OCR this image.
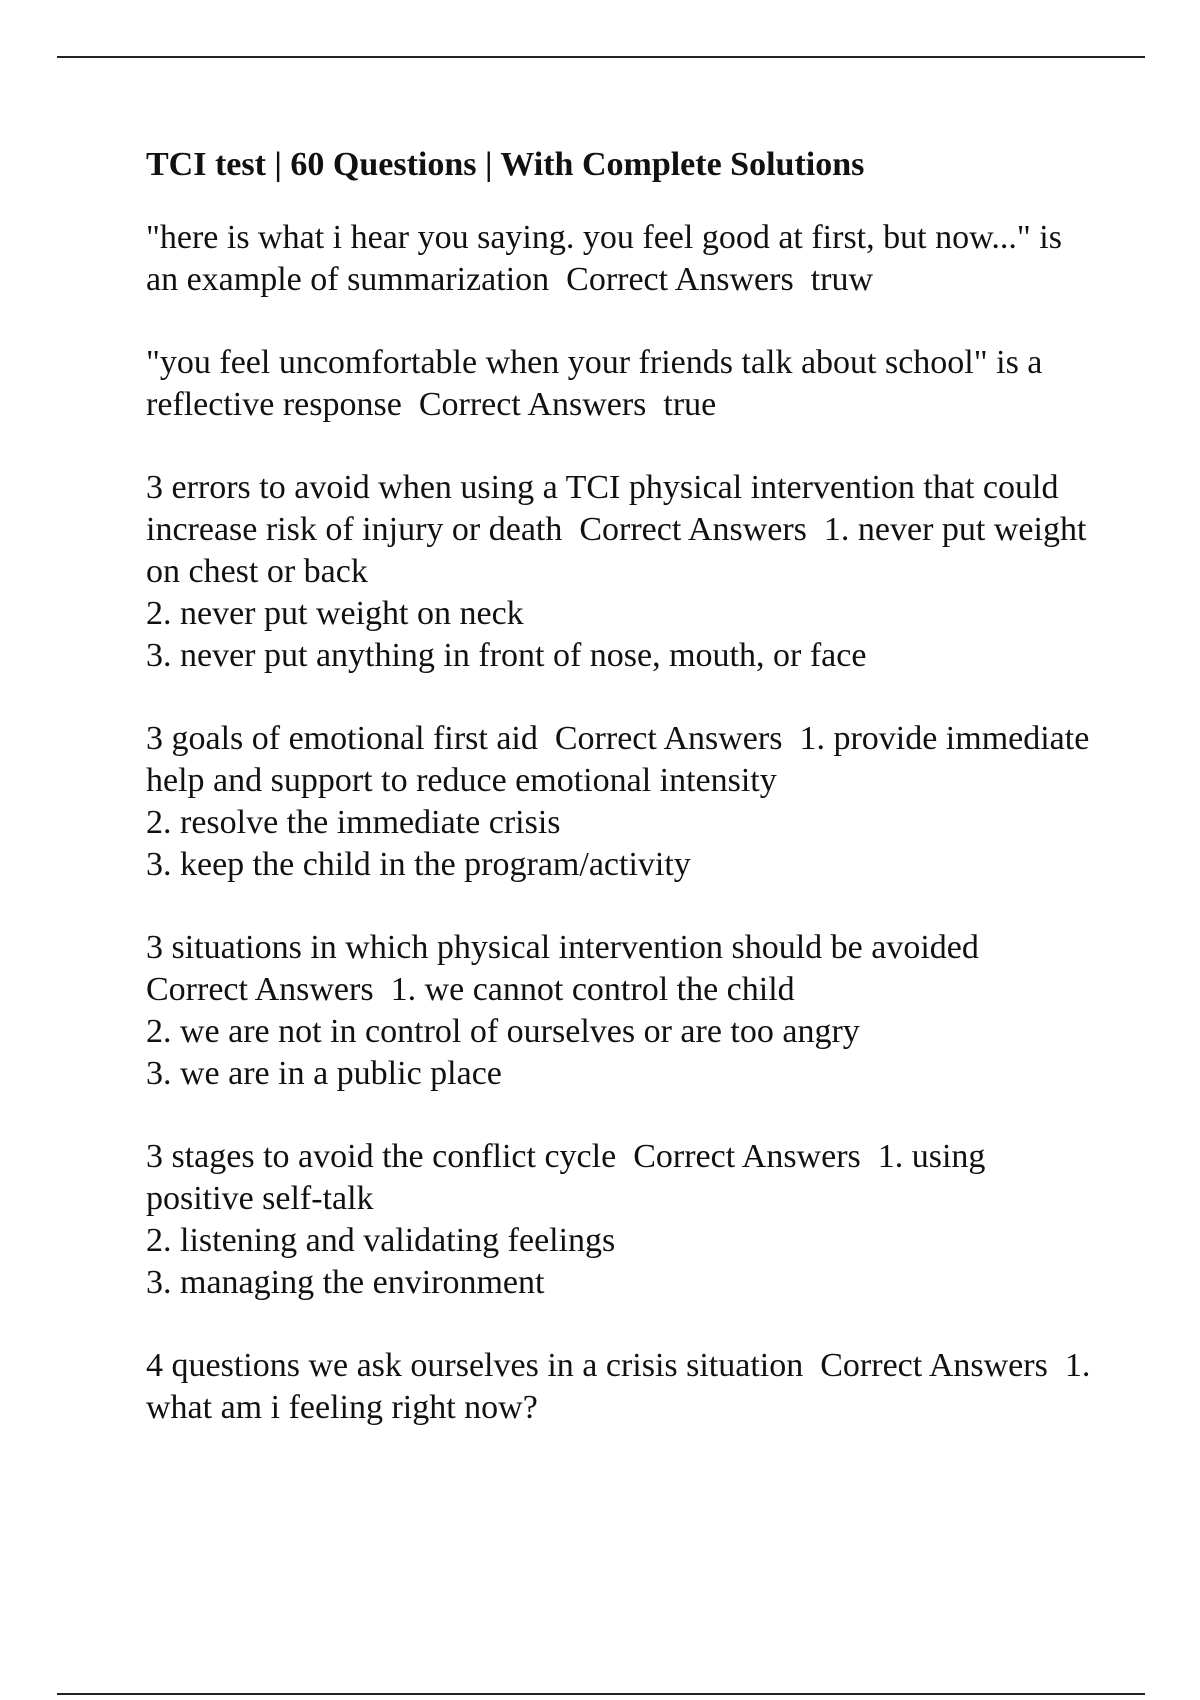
TCI test | 60 Questions | With Complete Solutions

"here is what i hear you saying. you feel good at first, but now..." is an example of summarization Correct Answers truw

"you feel uncomfortable when your friends talk about school" is a reflective response Correct Answers true

3 errors to avoid when using a TCI physical intervention that could increase risk of injury or death Correct Answers 1. never put weight on chest or back
2. never put weight on neck
3. never put anything in front of nose, mouth, or face

3 goals of emotional first aid Correct Answers 1. provide immediate help and support to reduce emotional intensity
2. resolve the immediate crisis
3. keep the child in the program/activity

3 situations in which physical intervention should be avoided  Correct Answers 1. we cannot control the child
2. we are not in control of ourselves or are too angry
3. we are in a public place

3 stages to avoid the conflict cycle Correct Answers 1. using positive self-talk
2. listening and validating feelings
3. managing the environment

4 questions we ask ourselves in a crisis situation Correct Answers 1. what am i feeling right now?
